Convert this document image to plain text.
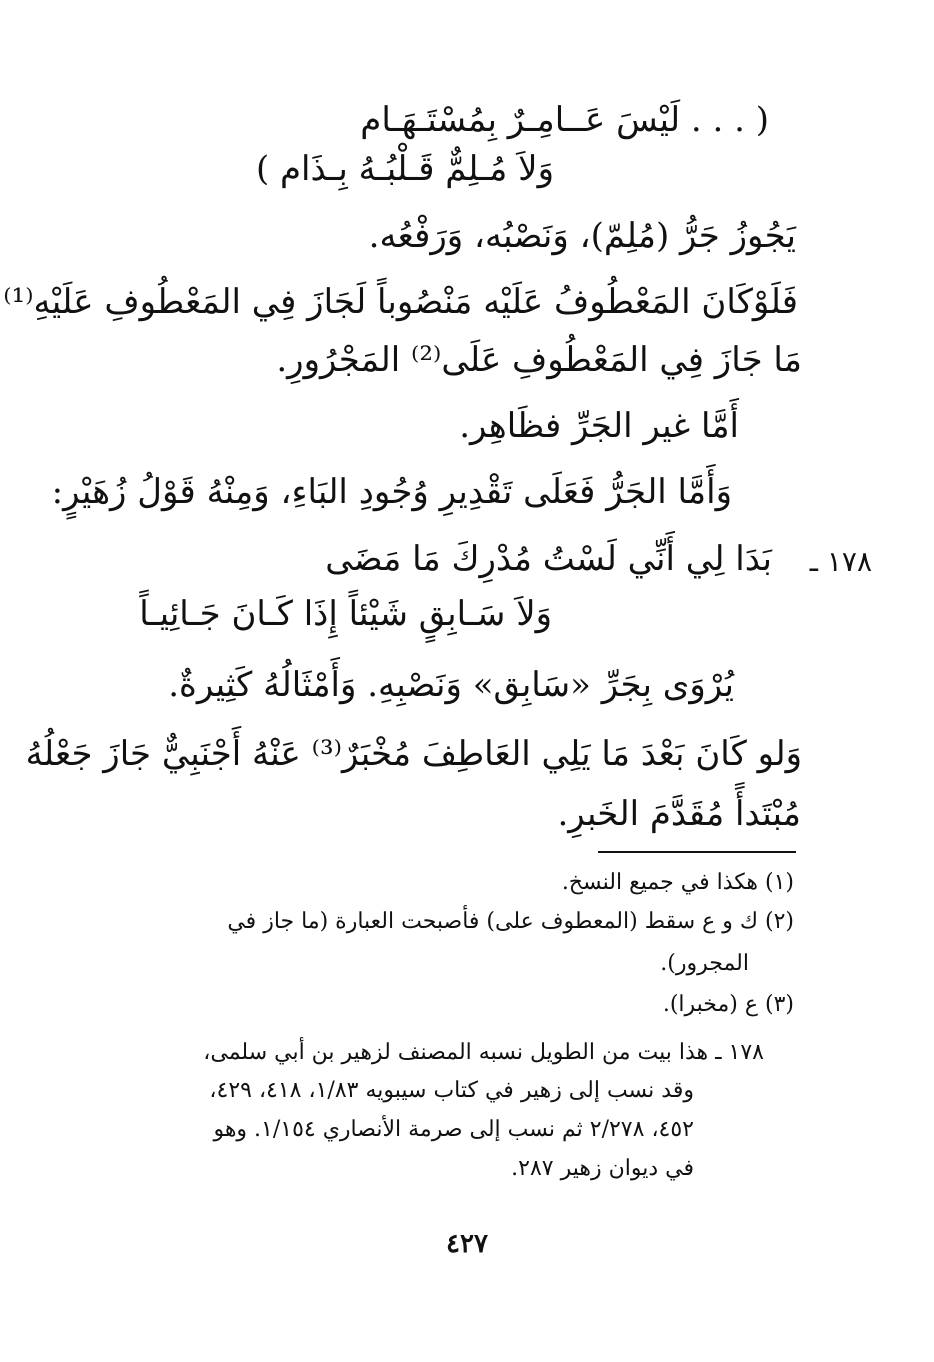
( . . . لَيْسَ عَــامِـرٌ بِمُسْتَـهَـام
وَلاَ مُـلِمٌّ قَـلْبُـهُ بِـذَام )
يَجُوزُ جَرُّ (مُلِمّ)، وَنَصْبُه، وَرَفْعُه.
فَلَوْكَانَ المَعْطُوفُ عَلَيْه مَنْصُوباً لَجَازَ فِي المَعْطُوفِ عَلَيْهِ⁽¹⁾
مَا جَازَ فِي المَعْطُوفِ عَلَى⁽²⁾ المَجْرُورِ.
أَمَّا غير الجَرِّ فظَاهِر.
وَأَمَّا الجَرُّ فَعَلَى تَقْدِيرِ وُجُودِ البَاءِ، وَمِنْهُ قَوْلُ زُهَيْرٍ:
١٧٨ ـ
بَدَا لِي أَنِّي لَسْتُ مُدْرِكَ مَا مَضَى
وَلاَ سَـابِقٍ شَيْئاً إِذَا كَـانَ جَـائِيـاً
يُرْوَى بِجَرِّ «سَابِق» وَنَصْبِهِ. وَأَمْثَالُهُ كَثِيرةٌ.
وَلو كَانَ بَعْدَ مَا يَلِي العَاطِفَ مُخْبَرٌ⁽³⁾ عَنْهُ أَجْنَبِيٌّ جَازَ جَعْلُهُ
مُبْتَدأً مُقَدَّمَ الخَبرِ.
(١) هكذا في جميع النسخ.
(٢) ك و ع سقط (المعطوف على) فأصبحت العبارة (ما جاز في
المجرور).
(٣) ع (مخبرا).
١٧٨ ـ هذا بيت من الطويل نسبه المصنف لزهير بن أبي سلمى،
وقد نسب إلى زهير في كتاب سيبويه ١/٨٣، ٤١٨، ٤٢٩،
٤٥٢، ٢/٢٧٨ ثم نسب إلى صرمة الأنصاري ١/١٥٤. وهو
في ديوان زهير ٢٨٧.
٤٢٧
